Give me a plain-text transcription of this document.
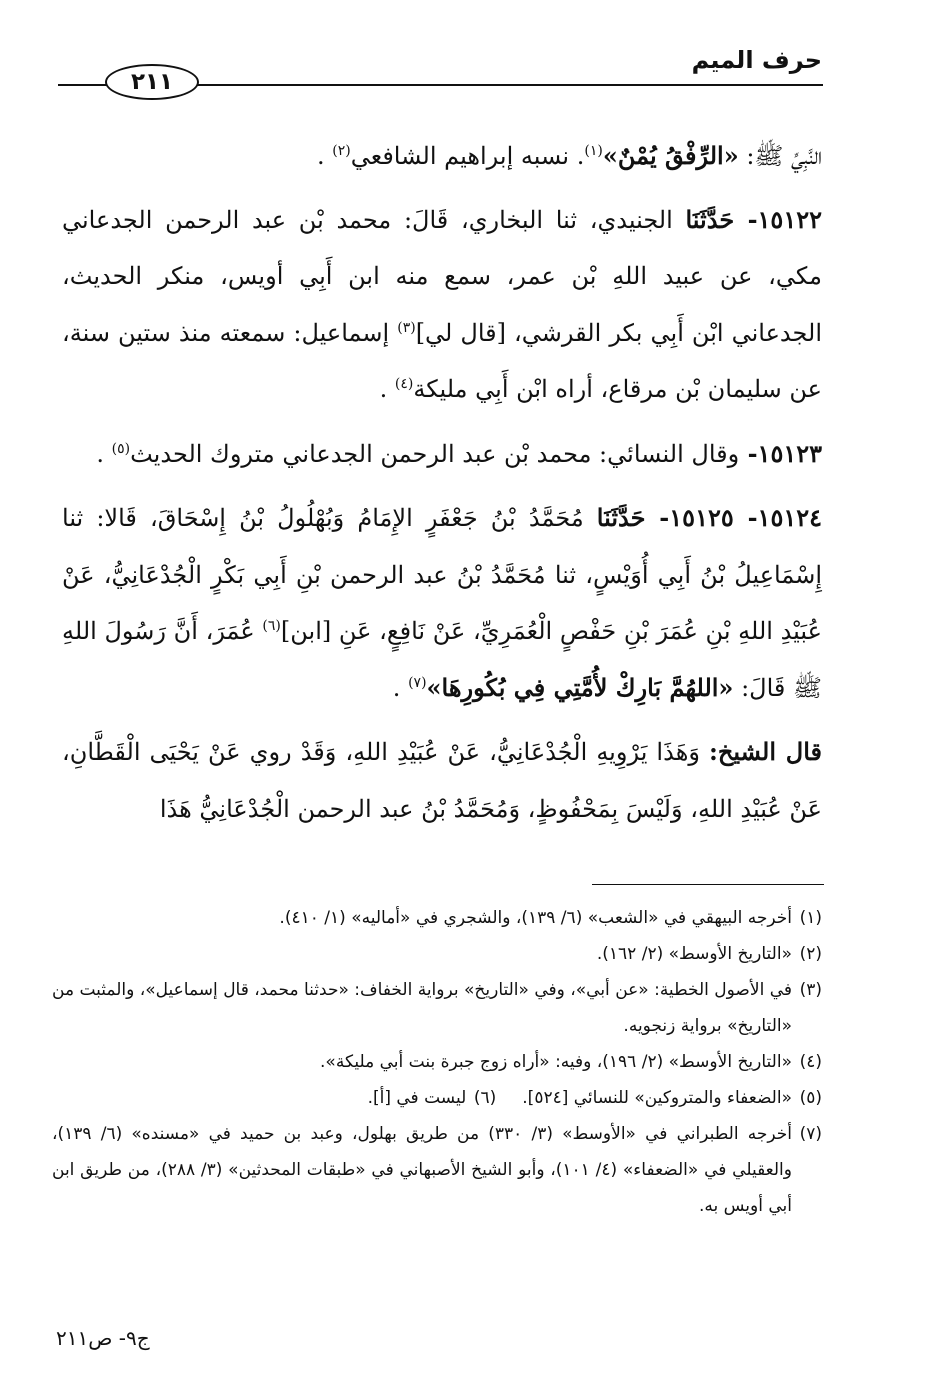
حرف الميم
٢١١

النَّبِيِّ ﷺ: «الرِّفْقُ يُمْنٌ»$^{(١)}$. نسبه إبراهيم الشافعي$^{(٢)}$ .

١٥١٢٢- حَدَّثَنَا الجنيدي، ثنا البخاري، قَالَ: محمد بْن عبد الرحمن الجدعاني مكي، عن عبيد اللهِ بْن عمر، سمع منه ابن أَبِي أويس، منكر الحديث، الجدعاني ابْن أَبِي بكر القرشي، [قال لي]$^{(٣)}$ إسماعيل: سمعته منذ ستين سنة، عن سليمان بْن مرقاع، أراه ابْن أَبِي مليكة$^{(٤)}$ .

١٥١٢٣- وقال النسائي: محمد بْن عبد الرحمن الجدعاني متروك الحديث$^{(٥)}$ .

١٥١٢٤- ١٥١٢٥- حَدَّثَنَا مُحَمَّدُ بْنُ جَعْفَرٍ الإِمَامُ وَبُهْلُولُ بْنُ إِسْحَاقَ، قَالا: ثنا إِسْمَاعِيلُ بْنُ أَبِي أُوَيْسٍ، ثنا مُحَمَّدُ بْنُ عبد الرحمن بْنِ أَبِي بَكْرٍ الْجُدْعَانِيُّ، عَنْ عُبَيْدِ اللهِ بْنِ عُمَرَ بْنِ حَفْصٍ الْعُمَرِيِّ، عَنْ نَافِعٍ، عَنِ [ابن]$^{(٦)}$ عُمَرَ، أَنَّ رَسُولَ اللهِ ﷺ قَالَ: «اللهُمَّ بَارِكْ لأُمَّتِي فِي بُكُورِهَا»$^{(٧)}$ .

قال الشيخ: وَهَذَا يَرْوِيهِ الْجُدْعَانِيُّ، عَنْ عُبَيْدِ اللهِ، وَقَدْ روي عَنْ يَحْيَى الْقَطَّانِ، عَنْ عُبَيْدِ اللهِ، وَلَيْسَ بِمَحْفُوظٍ، وَمُحَمَّدُ بْنُ عبد الرحمن الْجُدْعَانِيُّ هَذَا

(١)
أخرجه البيهقي في «الشعب» (٦/ ١٣٩)، والشجري في «أماليه» (١/ ٤١٠).

(٢)
«التاريخ الأوسط» (٢/ ١٦٢).

(٣)
في الأصول الخطية: «عن أبي»، وفي «التاريخ» برواية الخفاف: «حدثنا محمد، قال إسماعيل»، والمثبت من «التاريخ» برواية زنجويه.

(٤)
«التاريخ الأوسط» (٢/ ١٩٦)، وفيه: «أراه زوج جبرة بنت أبي مليكة».

(٥)
«الضعفاء والمتروكين» للنسائي [٥٢٤].
(٦)
ليست في [أ].

(٧)
أخرجه الطبراني في «الأوسط» (٣/ ٣٣٠) من طريق بهلول، وعبد بن حميد في «مسنده» (٦/ ١٣٩)، والعقيلي في «الضعفاء» (٤/ ١٠١)، وأبو الشيخ الأصبهاني في «طبقات المحدثين» (٣/ ٢٨٨)، من طريق ابن أبي أويس به.

ج٩- ص٢١١
